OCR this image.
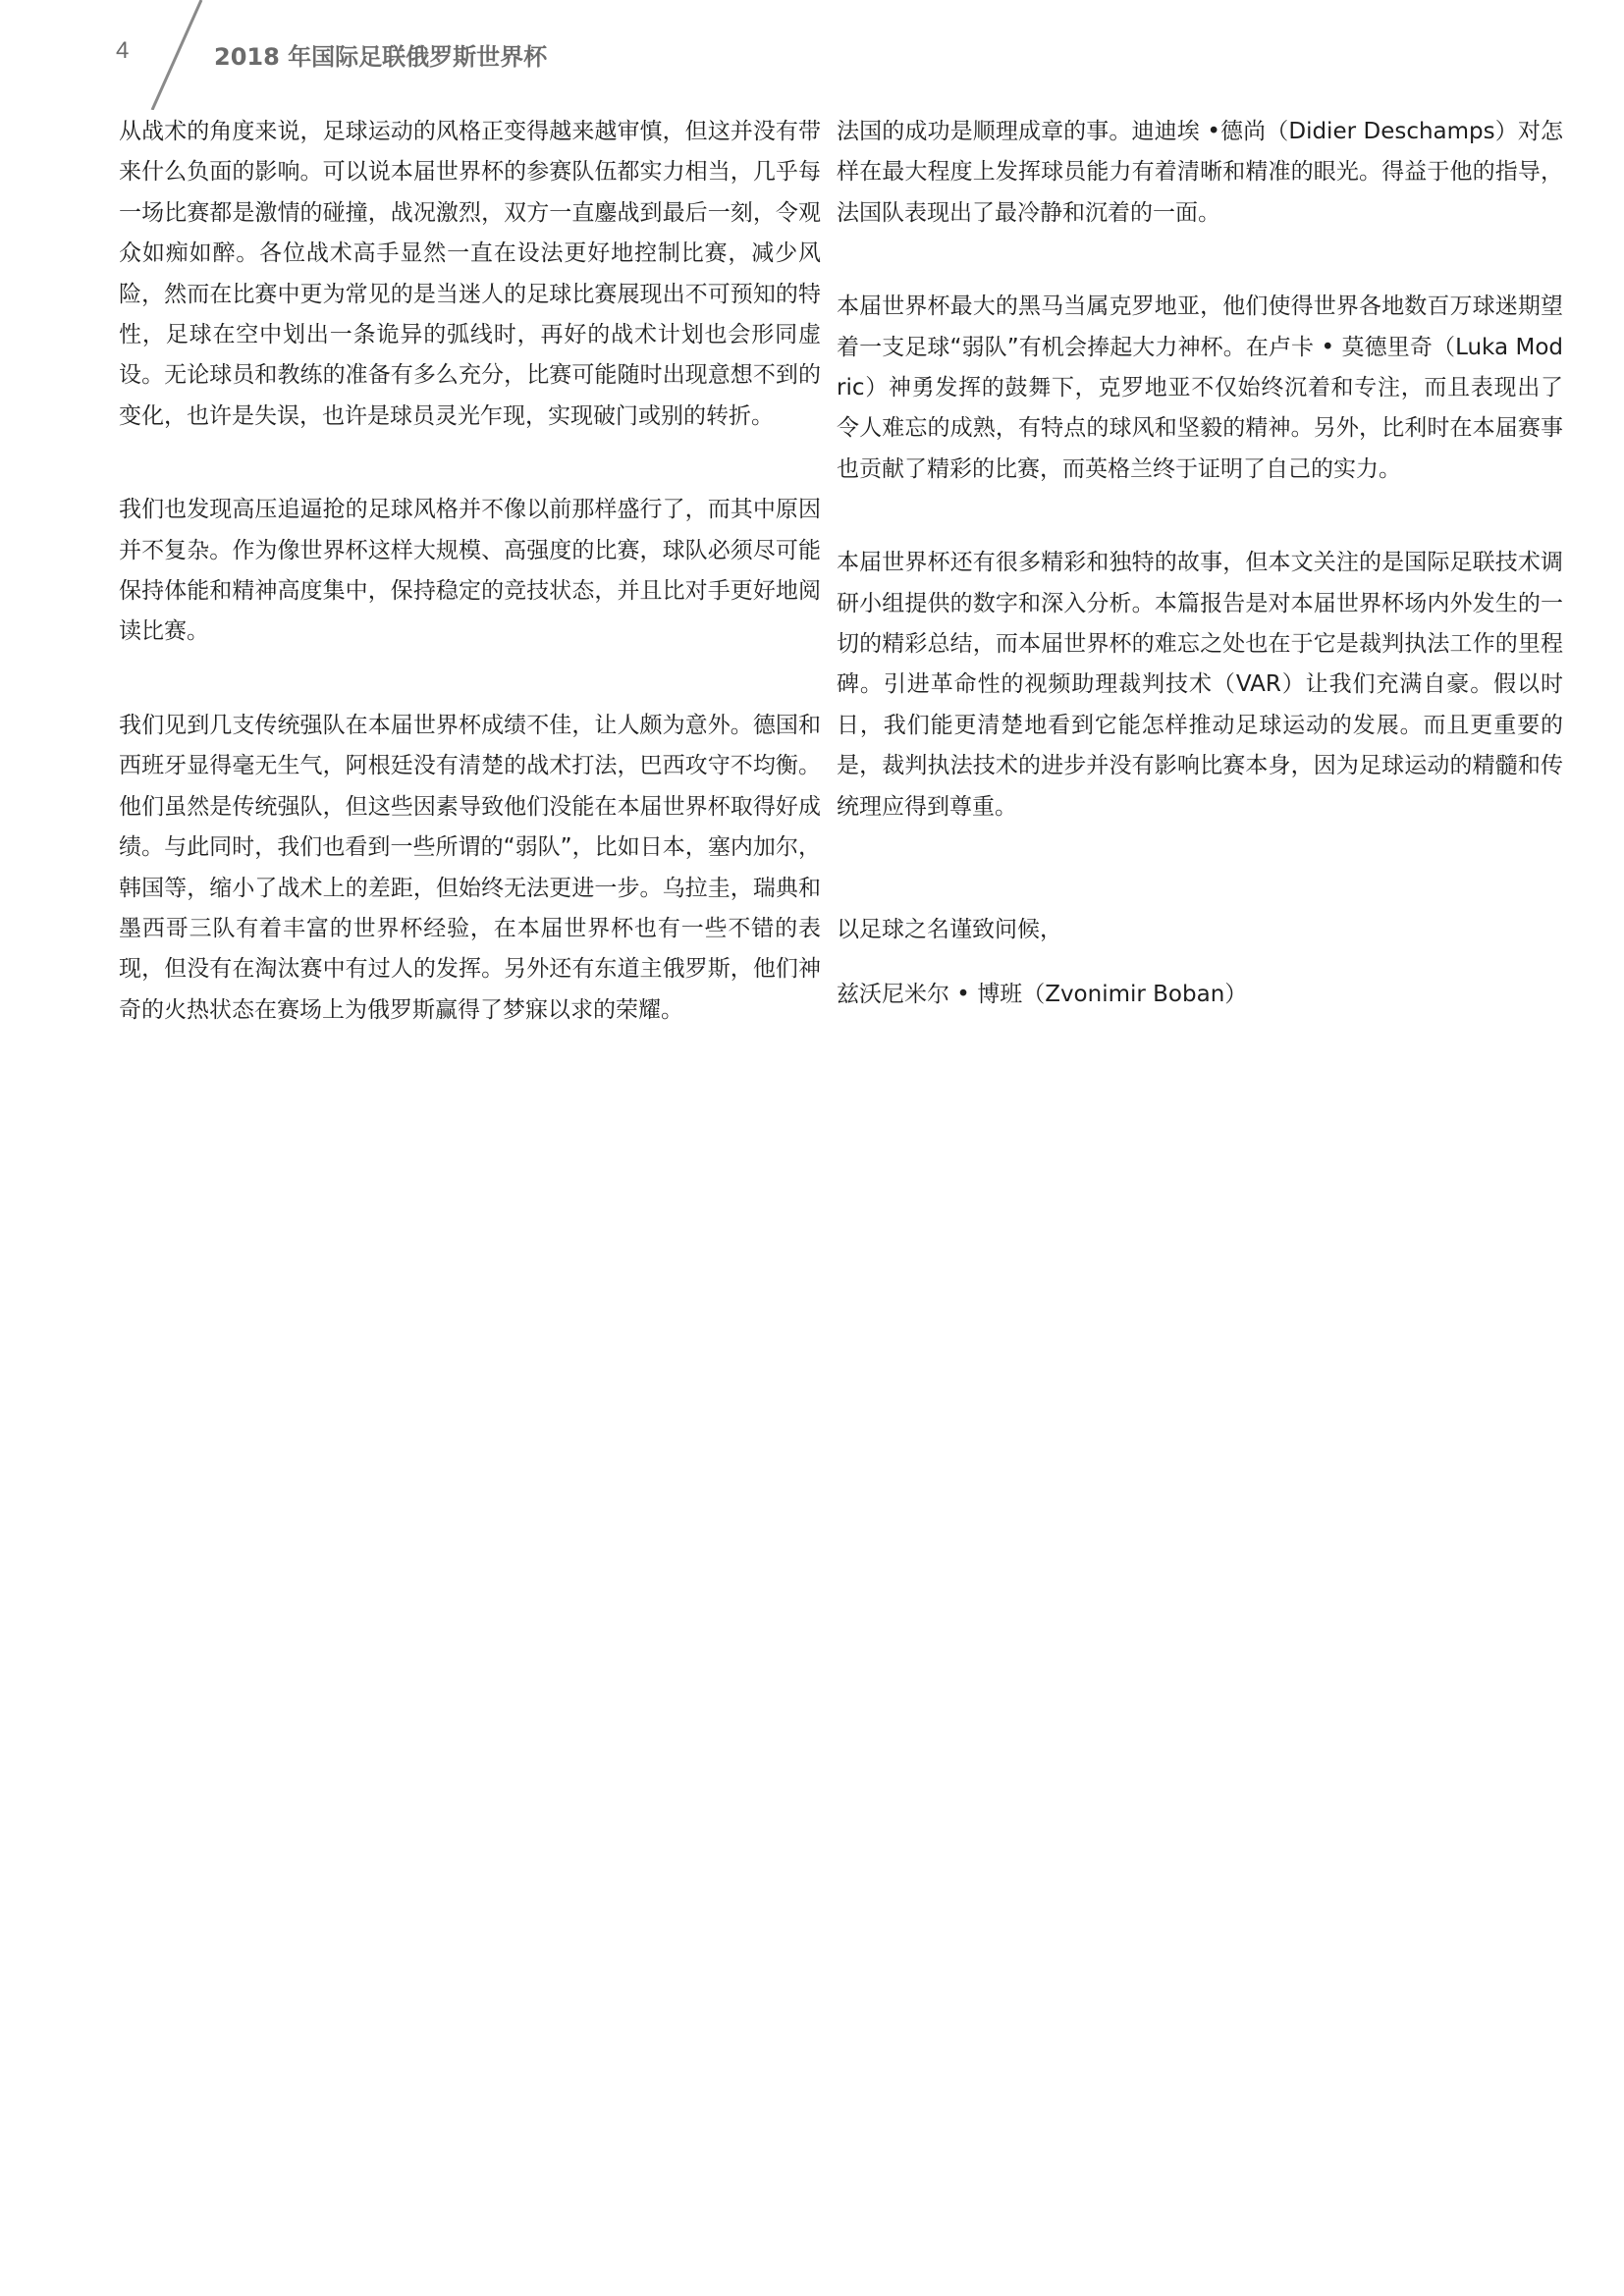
4	2018 年国际足联俄罗斯世界杯

从战术的角度来说，足球运动的风格正变得越来越审慎，但这并没有带来什么负面的影响。可以说本届世界杯的参赛队伍都实力相当，几乎每一场比赛都是激情的碰撞，战况激烈，双方一直鏖战到最后一刻，令观众如痴如醉。各位战术高手显然一直在设法更好地控制比赛，减少风险，然而在比赛中更为常见的是当迷人的足球比赛展现出不可预知的特性，足球在空中划出一条诡异的弧线时，再好的战术计划也会形同虚设。无论球员和教练的准备有多么充分，比赛可能随时出现意想不到的变化，也许是失误，也许是球员灵光乍现，实现破门或别的转折。

我们也发现高压追逼抢的足球风格并不像以前那样盛行了，而其中原因并不复杂。作为像世界杯这样大规模、高强度的比赛，球队必须尽可能保持体能和精神高度集中，保持稳定的竞技状态，并且比对手更好地阅读比赛。

我们见到几支传统强队在本届世界杯成绩不佳，让人颇为意外。德国和西班牙显得毫无生气，阿根廷没有清楚的战术打法，巴西攻守不均衡。他们虽然是传统强队，但这些因素导致他们没能在本届世界杯取得好成绩。与此同时，我们也看到一些所谓的“弱队”，比如日本，塞内加尔，韩国等，缩小了战术上的差距，但始终无法更进一步。乌拉圭，瑞典和墨西哥三队有着丰富的世界杯经验，在本届世界杯也有一些不错的表现，但没有在淘汰赛中有过人的发挥。另外还有东道主俄罗斯，他们神奇的火热状态在赛场上为俄罗斯赢得了梦寐以求的荣耀。

法国的成功是顺理成章的事。迪迪埃 •德尚（Didier Deschamps）对怎样在最大程度上发挥球员能力有着清晰和精准的眼光。得益于他的指导，法国队表现出了最冷静和沉着的一面。

本届世界杯最大的黑马当属克罗地亚，他们使得世界各地数百万球迷期望着一支足球“弱队”有机会捧起大力神杯。在卢卡 • 莫德里奇（Luka Modric）神勇发挥的鼓舞下，克罗地亚不仅始终沉着和专注，而且表现出了令人难忘的成熟，有特点的球风和坚毅的精神。另外，比利时在本届赛事也贡献了精彩的比赛，而英格兰终于证明了自己的实力。

本届世界杯还有很多精彩和独特的故事，但本文关注的是国际足联技术调研小组提供的数字和深入分析。本篇报告是对本届世界杯场内外发生的一切的精彩总结，而本届世界杯的难忘之处也在于它是裁判执法工作的里程碑。引进革命性的视频助理裁判技术（VAR）让我们充满自豪。假以时日，我们能更清楚地看到它能怎样推动足球运动的发展。而且更重要的是，裁判执法技术的进步并没有影响比赛本身，因为足球运动的精髓和传统理应得到尊重。

以足球之名谨致问候，

兹沃尼米尔 • 博班（Zvonimir Boban）
